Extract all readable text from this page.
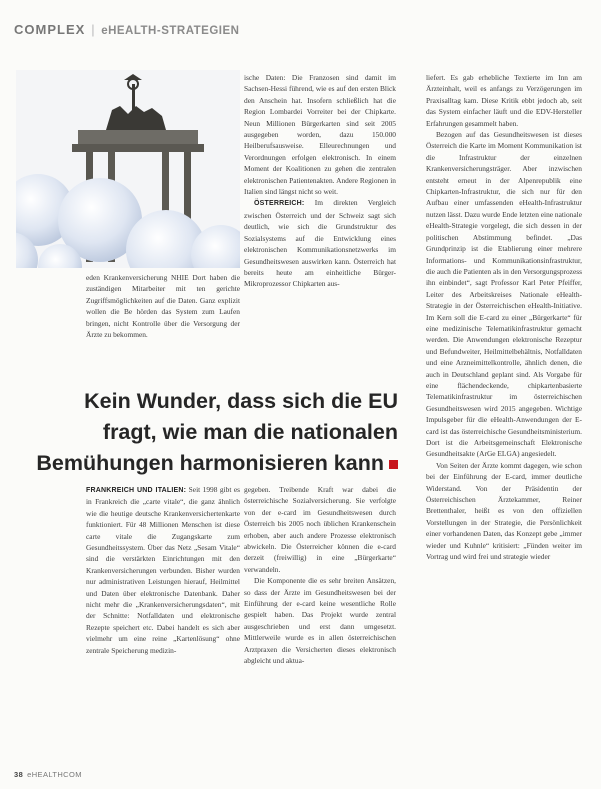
COMPLEX | eHEALTH-STRATEGIEN

eden Krankenversicherung NHIE Dort haben die zuständigen Mitarbeiter mit ten gerichte Zugriffsmöglichkeiten auf die Daten. Ganz explizit wollen die Be hörden das System zum Laufen bringen, nicht Kontrolle über die Versorgung der Ärzte zu bekommen.

ische Daten: Die Franzosen sind damit im Sachsen-Hessi führend, wie es auf den ersten Blick den Anschein hat. Insofern schließlich hat die Region Lombardei Vorreiter bei der Chipkarte. Neun Millionen Bürgerkarten sind seit 2005 ausgegeben worden, dazu 150.000 Heilberufsausweise. Elleurechnungen und Verordnungen erfolgen elektronisch. In einem Moment der Koalitionen zu gehen die zentralen elektronischen Patientenakten. Andere Regionen in Italien sind längst nicht so weit.

ÖSTERREICH: Im direkten Vergleich zwischen Österreich und der Schweiz sagt sich deutlich, wie sich die Grundstruktur des Sozialsystems auf die Entwicklung eines elektronischen Kommunikationsnetzwerks im Gesundheitswesen auswirken kann. Österreich hat bereits heute am einheitliche Bürger-Mikroprozessor Chipkarten aus-

liefert. Es gab erhebliche Textierte im Inn am Ärzteinhalt, weil es anfangs zu Verzögerungen im Praxisalltag kam. Diese Kritik ebbt jedoch ab, seit das System einfacher läuft und die EDV-Hersteller Erfahrungen gesammelt haben.

Bezogen auf das Gesundheitswesen ist dieses Österreich die Karte im Moment Kommunikation ist die Infrastruktur der einzelnen Krankenversicherungsträger. Aber inzwischen entsteht erneut in der Alpenrepublik eine Chipkarten-Infrastruktur, die sich nur für den Aufbau einer umfassenden eHealth-Infrastruktur nutzen lässt. Dazu wurde Ende letzten eine nationale eHealth-Strategie vorgelegt, die sich dessen in der politischen Abstimmung befindet. „Das Grundprinzip ist die Etablierung einer mehrere Informations- und Kommunikationsinfrastruktur, die auch die Patienten als in den Versorgungsprozess ihn einbindet“, sagt Professor Karl Peter Pfeiffer, Leiter des Arbeitskreises Nationale eHealth-Strategie in der Österreichischen eHealth-Initiative. Im Kern soll die E-card zu einer „Bürgerkarte“ für eine medizinische Telematikinfrastruktur gemacht werden. Die Anwendungen elektronische Rezeptur und Befundweiter, Heilmittelbehältnis, Notfalldaten und eine Arzneimittelkontrolle, ähnlich denen, die auch in Deutschland geplant sind. Als Vorgabe für eine flächendeckende, chipkartenbasierte Telematikinfrastruktur im österreichischen Gesundheitswesen wird 2015 angegeben. Wichtige Impulsgeber für die eHealth-Anwendungen der E-card ist das österreichische Gesundheitsministerium. Dort ist die Arbeitsgemeinschaft Elektronische Gesundheitsakte (ArGe ELGA) angesiedelt.

Von Seiten der Ärzte kommt dagegen, wie schon bei der Einführung der E-card, immer deutliche Widerstand. Von der Präsidentin der Österreichischen Ärztekammer, Reiner Brettenthaler, heißt es von den offiziellen Vorstellungen in der Strategie, die Persönlichkeit einer vorhandenen Daten, das Konzept gebe „immer wieder und Kuhnle“ kritisiert: „Fünden weiter im Vortrag und wird frei und strategie wieder

Kein Wunder, dass sich die EU
fragt, wie man die nationalen
Bemühungen harmonisieren kann

FRANKREICH UND ITALIEN: Seit 1998 gibt es in Frankreich die „carte vitale“, die ganz ähnlich wie die heutige deutsche Krankenversichertenkarte funktioniert. Für 48 Millionen Menschen ist diese carte vitale die Zugangskarte zum Gesundheitssystem. Über das Netz „Sesam Vitale“ sind die verstärkten Einrichtungen mit den Krankenversicherungen verbunden. Bisher wurden nur administrativen Leistungen hierauf, Heilmittel und Daten über elektronische Datenbank. Daher nicht mehr die „Krankenversicherungsdaten“, mit der Schnitte: Notfalldaten und elektronische Rezepte speichert etc. Dabei handelt es sich aber vielmehr um eine reine „Kartenlösung“ ohne zentrale Speicherung medizin-

gegeben. Treibende Kraft war dabei die österreichische Sozialversicherung. Sie verfolgte von der e-card im Gesundheitswesen durch Österreich bis 2005 noch üblichen Krankenschein erhoben, aber auch andere Prozesse elektronisch abwickeln. Die Österreicher können die e-card derzeit (freiwillig) in eine „Bürgerkarte“ verwandeln.

Die Komponente die es sehr breiten Ansätzen, so dass der Ärzte im Gesundheitswesen bei der Einführung der e-card keine wesentliche Rolle gespielt haben. Das Projekt wurde zentral ausgeschrieben und erst dann umgesetzt. Mittlerweile wurde es in allen österreichischen Arztpraxen die Versicherten dieses elektronisch abgleicht und aktua-

38 eHEALTHCOM
